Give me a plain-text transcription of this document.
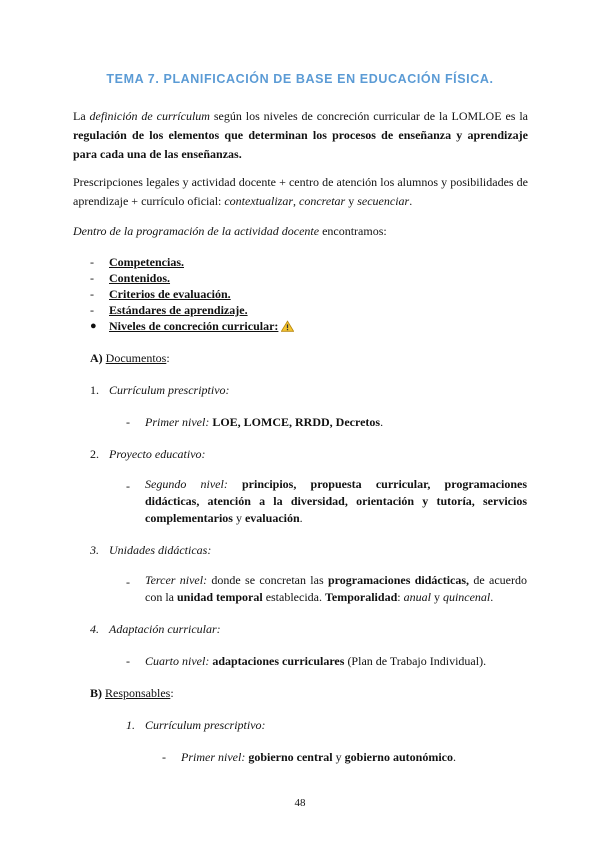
TEMA 7. PLANIFICACIÓN DE BASE EN EDUCACIÓN FÍSICA.
La definición de currículum según los niveles de concreción curricular de la LOMLOE es la regulación de los elementos que determinan los procesos de enseñanza y aprendizaje para cada una de las enseñanzas.
Prescripciones legales y actividad docente + centro de atención los alumnos y posibilidades de aprendizaje + currículo oficial: contextualizar, concretar y secuenciar.
Dentro de la programación de la actividad docente encontramos:
- Competencias.
- Contenidos.
- Criterios de evaluación.
- Estándares de aprendizaje.
● Niveles de concreción curricular:
A) Documentos:
1. Currículum prescriptivo:
- Primer nivel: LOE, LOMCE, RRDD, Decretos.
2. Proyecto educativo:
- Segundo nivel: principios, propuesta curricular, programaciones didácticas, atención a la diversidad, orientación y tutoría, servicios complementarios y evaluación.
3. Unidades didácticas:
- Tercer nivel: donde se concretan las programaciones didácticas, de acuerdo con la unidad temporal establecida. Temporalidad: anual y quincenal.
4. Adaptación curricular:
- Cuarto nivel: adaptaciones curriculares (Plan de Trabajo Individual).
B) Responsables:
1. Currículum prescriptivo:
- Primer nivel: gobierno central y gobierno autonómico.
48
